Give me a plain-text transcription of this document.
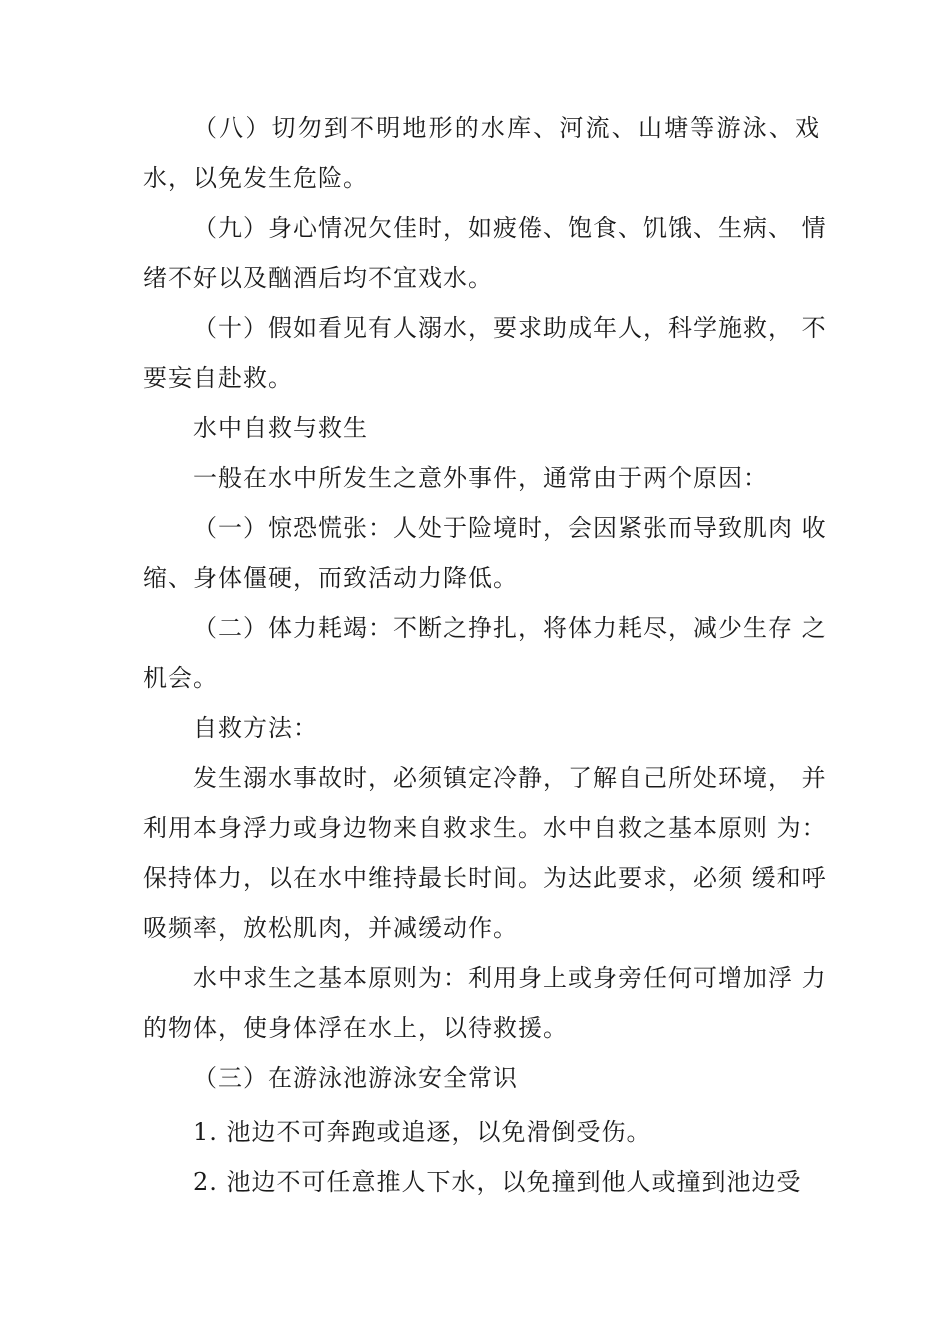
（八）切勿到不明地形的水库、河流、山塘等游泳、戏
水，以免发生危险。
（九）身心情况欠佳时，如疲倦、饱食、饥饿、生病、 情
绪不好以及酗酒后均不宜戏水。
（十）假如看见有人溺水，要求助成年人，科学施救， 不
要妄自赴救。
水中自救与救生
一般在水中所发生之意外事件，通常由于两个原因：
（一）惊恐慌张：人处于险境时，会因紧张而导致肌肉 收
缩、身体僵硬，而致活动力降低。
（二）体力耗竭：不断之挣扎，将体力耗尽，减少生存 之
机会。
自救方法：
发生溺水事故时，必须镇定冷静，了解自己所处环境， 并
利用本身浮力或身边物来自救求生。水中自救之基本原则 为：
保持体力，以在水中维持最长时间。为达此要求，必须 缓和呼
吸频率，放松肌肉，并减缓动作。
水中求生之基本原则为：利用身上或身旁任何可增加浮 力
的物体，使身体浮在水上，以待救援。
（三）在游泳池游泳安全常识
1. 池边不可奔跑或追逐，以免滑倒受伤。
2. 池边不可任意推人下水，以免撞到他人或撞到池边受
